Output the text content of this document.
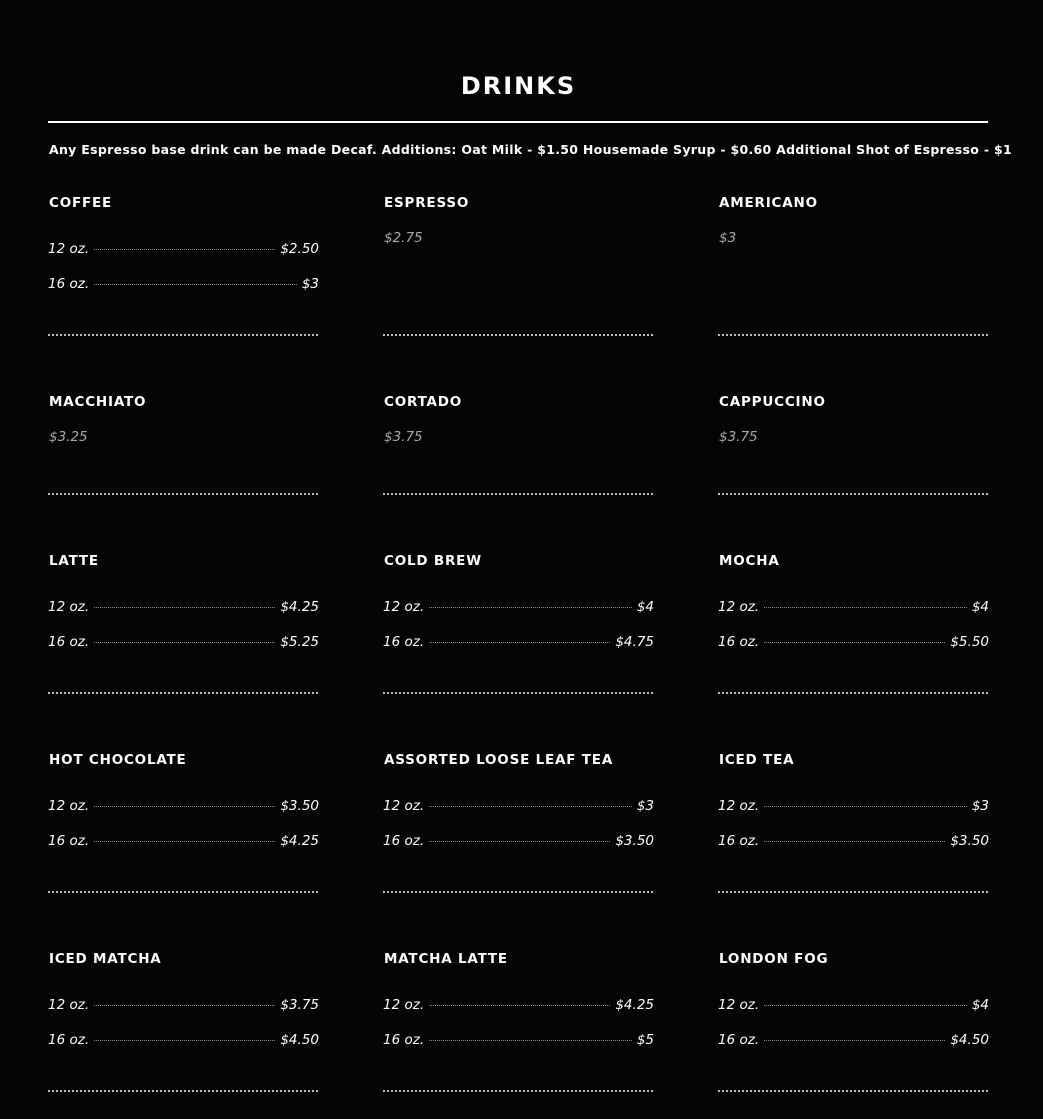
DRINKS
Any Espresso base drink can be made Decaf. Additions: Oat Milk - $1.50 Housemade Syrup - $0.60 Additional Shot of Espresso - $1
COFFEE
12 oz.	$2.50
16 oz.	$3
ESPRESSO
$2.75
AMERICANO
$3
MACCHIATO
$3.25
CORTADO
$3.75
CAPPUCCINO
$3.75
LATTE
12 oz.	$4.25
16 oz.	$5.25
COLD BREW
12 oz.	$4
16 oz.	$4.75
MOCHA
12 oz.	$4
16 oz.	$5.50
HOT CHOCOLATE
12 oz.	$3.50
16 oz.	$4.25
ASSORTED LOOSE LEAF TEA
12 oz.	$3
16 oz.	$3.50
ICED TEA
12 oz.	$3
16 oz.	$3.50
ICED MATCHA
12 oz.	$3.75
16 oz.	$4.50
MATCHA LATTE
12 oz.	$4.25
16 oz.	$5
LONDON FOG
12 oz.	$4
16 oz.	$4.50
